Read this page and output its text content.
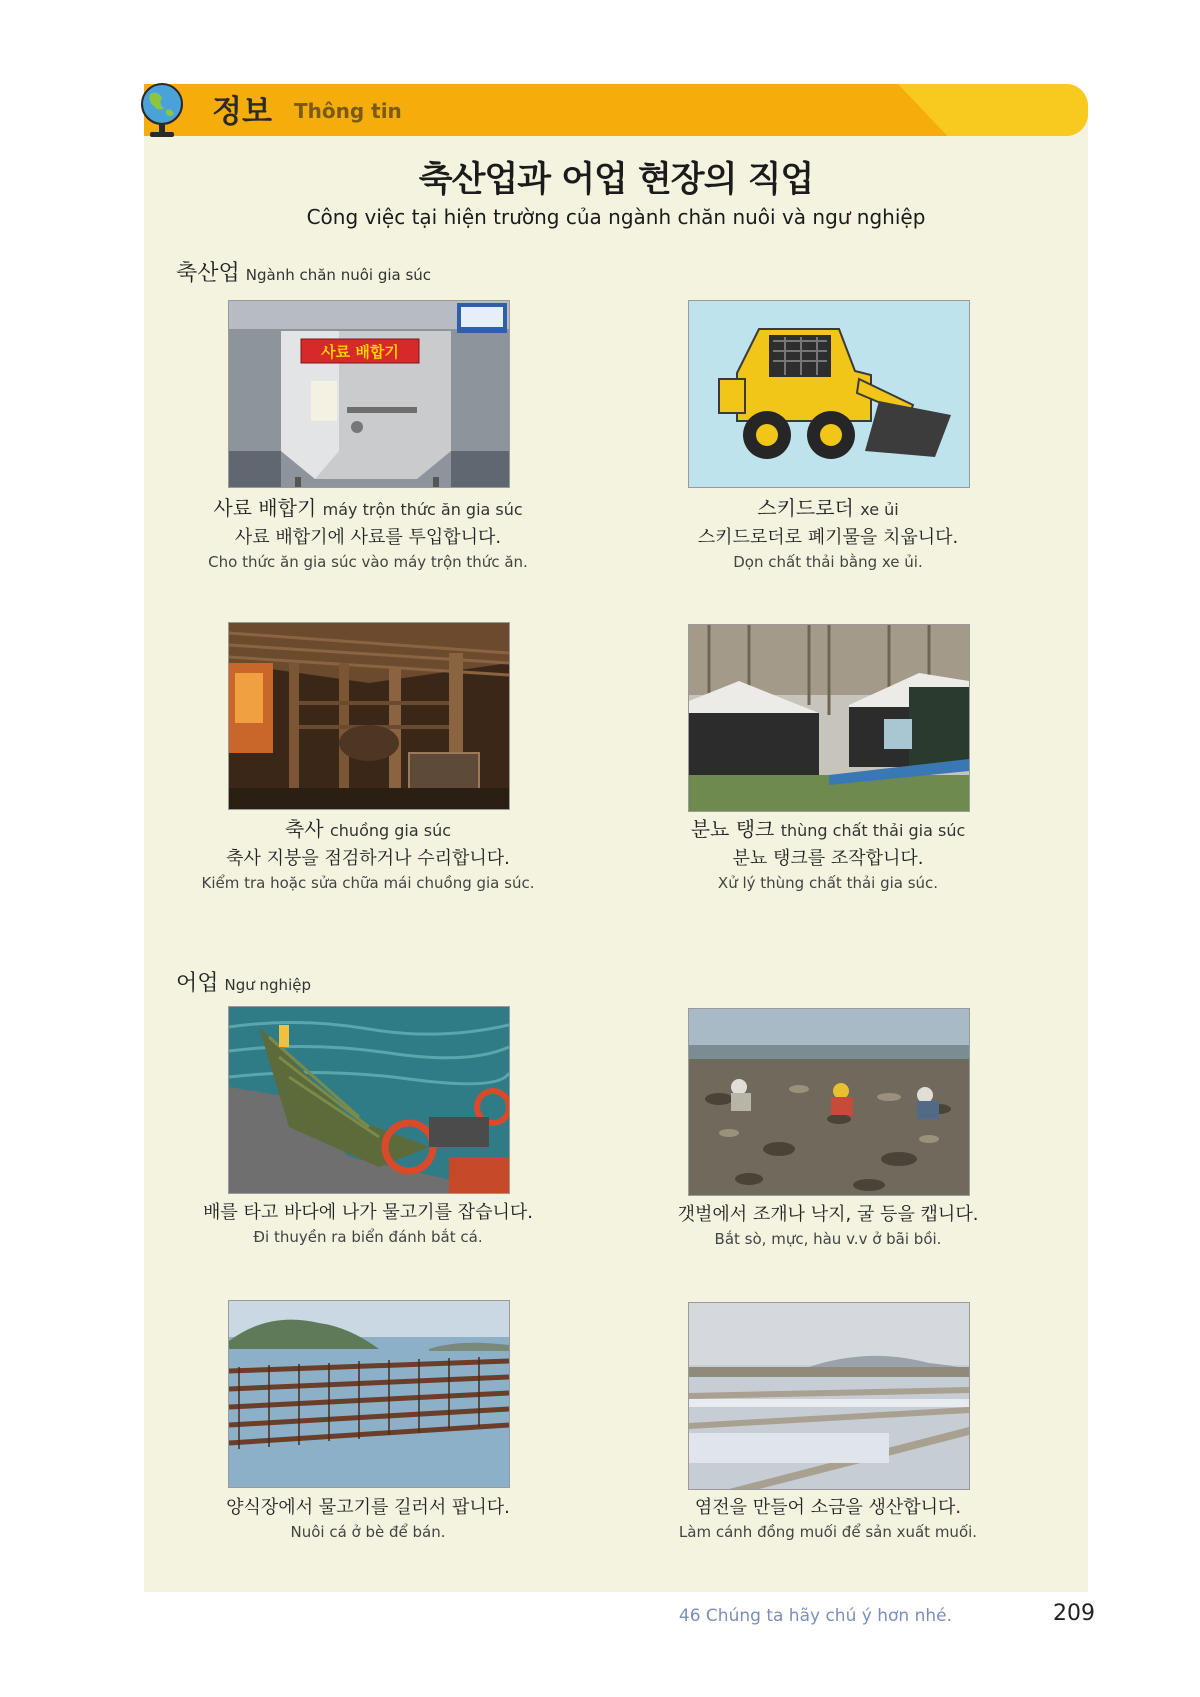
정보 Thông tin
축산업과 어업 현장의 직업
Công việc tại hiện trường của ngành chăn nuôi và ngư nghiệp
축산업 Ngành chăn nuôi gia súc
어업 Ngư nghiệp
사료 배합기
사료 배합기 máy trộn thức ăn gia súc
사료 배합기에 사료를 투입합니다.
Cho thức ăn gia súc vào máy trộn thức ăn.
스키드로더 xe ủi
스키드로더로 폐기물을 치웁니다.
Dọn chất thải bằng xe ủi.
축사 chuồng gia súc
축사 지붕을 점검하거나 수리합니다.
Kiểm tra hoặc sửa chữa mái chuồng gia súc.
분뇨 탱크 thùng chất thải gia súc
분뇨 탱크를 조작합니다.
Xử lý thùng chất thải gia súc.
배를 타고 바다에 나가 물고기를 잡습니다.
Đi thuyền ra biển đánh bắt cá.
갯벌에서 조개나 낙지, 굴 등을 캡니다.
Bắt sò, mực, hàu v.v ở bãi bồi.
양식장에서 물고기를 길러서 팝니다.
Nuôi cá ở bè để bán.
염전을 만들어 소금을 생산합니다.
Làm cánh đồng muối để sản xuất muối.
46 Chúng ta hãy chú ý hơn nhé.	209
